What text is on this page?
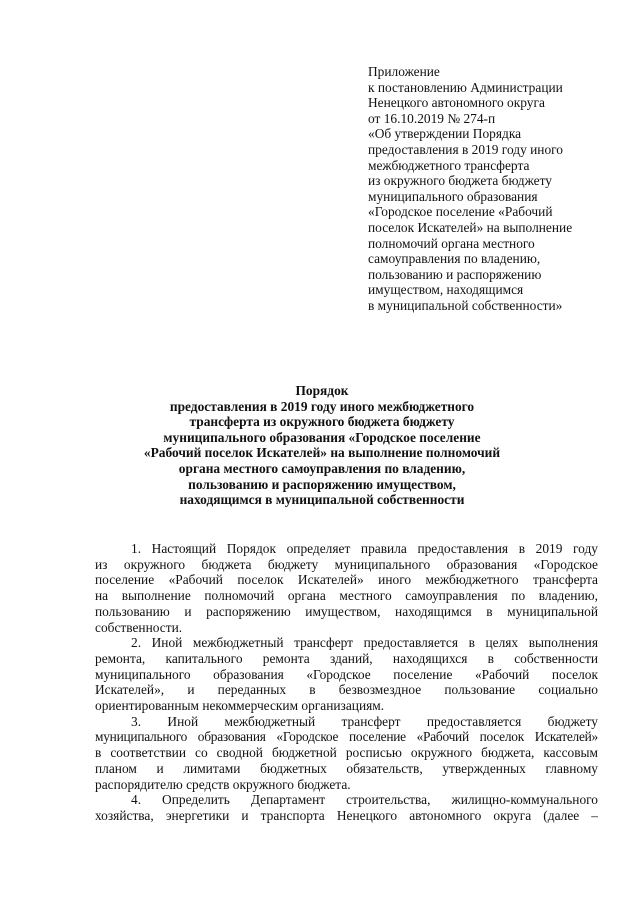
Приложение
к постановлению Администрации
Ненецкого автономного округа
от 16.10.2019 № 274-п
«Об утверждении Порядка
предоставления в 2019 году иного
межбюджетного трансферта
из окружного бюджета бюджету
муниципального образования
«Городское поселение «Рабочий
поселок Искателей» на выполнение
полномочий органа местного
самоуправления по владению,
пользованию и распоряжению
имуществом, находящимся
в муниципальной собственности»
Порядок
предоставления в 2019 году иного межбюджетного
трансферта из окружного бюджета бюджету
муниципального образования «Городское поселение
«Рабочий поселок Искателей» на выполнение полномочий
органа местного самоуправления по владению,
пользованию и распоряжению имуществом,
находящимся в муниципальной собственности
1. Настоящий Порядок определяет правила предоставления в 2019 году
из окружного бюджета бюджету муниципального образования «Городское
поселение «Рабочий поселок Искателей» иного межбюджетного трансферта
на выполнение полномочий органа местного самоуправления по владению,
пользованию и распоряжению имуществом, находящимся в муниципальной
собственности.
2. Иной межбюджетный трансферт предоставляется в целях выполнения
ремонта, капитального ремонта зданий, находящихся в собственности
муниципального образования «Городское поселение «Рабочий поселок
Искателей», и переданных в безвозмездное пользование социально
ориентированным некоммерческим организациям.
3. Иной межбюджетный трансферт предоставляется бюджету
муниципального образования «Городское поселение «Рабочий поселок Искателей»
в соответствии со сводной бюджетной росписью окружного бюджета, кассовым
планом и лимитами бюджетных обязательств, утвержденных главному
распорядителю средств окружного бюджета.
4. Определить Департамент строительства, жилищно-коммунального
хозяйства, энергетики и транспорта Ненецкого автономного округа (далее –
